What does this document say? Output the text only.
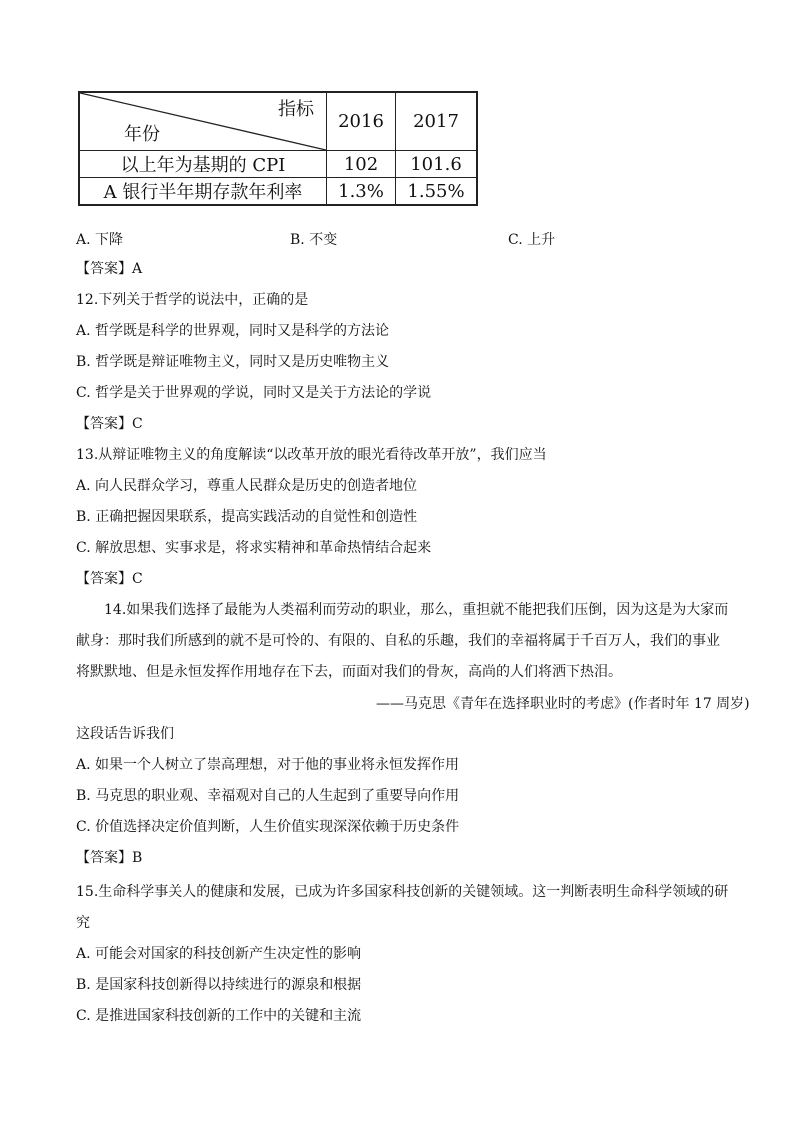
指标
年份	2016	2017
以上年为基期的 CPI	102	101.6
A 银行半年期存款年利率	1.3%	1.55%
A. 下降	B. 不变	C. 上升
【答案】A
12.下列关于哲学的说法中，正确的是
A. 哲学既是科学的世界观，同时又是科学的方法论
B. 哲学既是辩证唯物主义，同时又是历史唯物主义
C. 哲学是关于世界观的学说，同时又是关于方法论的学说
【答案】C
13.从辩证唯物主义的角度解读“以改革开放的眼光看待改革开放”，我们应当
A. 向人民群众学习，尊重人民群众是历史的创造者地位
B. 正确把握因果联系，提高实践活动的自觉性和创造性
C. 解放思想、实事求是，将求实精神和革命热情结合起来
【答案】C
14.如果我们选择了最能为人类福利而劳动的职业，那么，重担就不能把我们压倒，因为这是为大家而
献身：那时我们所感到的就不是可怜的、有限的、自私的乐趣，我们的幸福将属于千百万人，我们的事业
将默默地、但是永恒发挥作用地存在下去，而面对我们的骨灰，高尚的人们将洒下热泪。
——马克思《青年在选择职业时的考虑》(作者时年 17 周岁)
这段话告诉我们
A. 如果一个人树立了崇高理想，对于他的事业将永恒发挥作用
B. 马克思的职业观、幸福观对自己的人生起到了重要导向作用
C. 价值选择决定价值判断，人生价值实现深深依赖于历史条件
【答案】B
15.生命科学事关人的健康和发展，已成为许多国家科技创新的关键领域。这一判断表明生命科学领域的研
究
A. 可能会对国家的科技创新产生决定性的影响
B. 是国家科技创新得以持续进行的源泉和根据
C. 是推进国家科技创新的工作中的关键和主流
